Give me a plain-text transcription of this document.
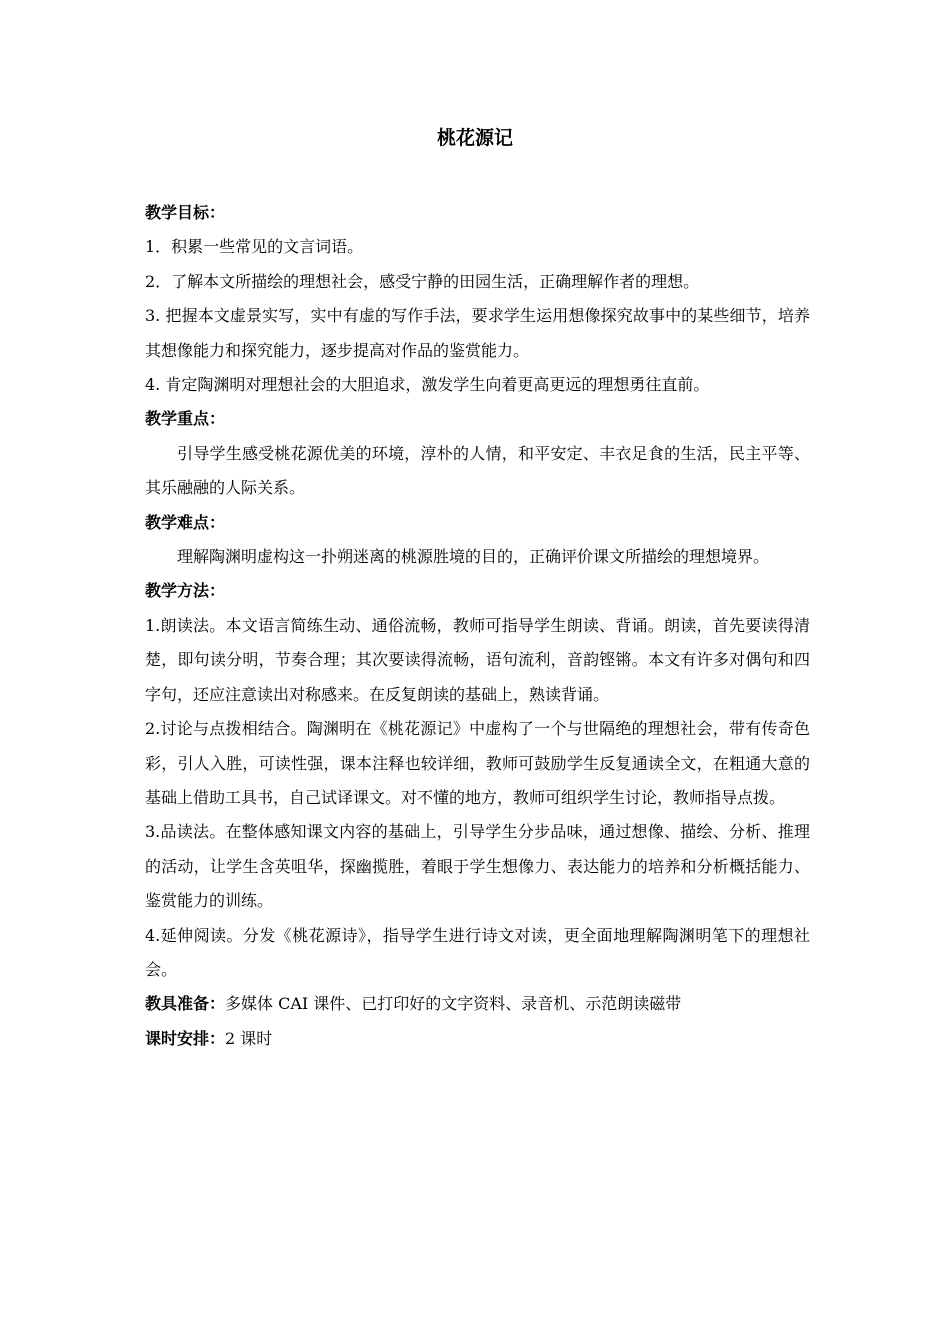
桃花源记

教学目标：

1．积累一些常见的文言词语。

2．了解本文所描绘的理想社会，感受宁静的田园生活，正确理解作者的理想。

3. 把握本文虚景实写，实中有虚的写作手法，要求学生运用想像探究故事中的某些细节，培养其想像能力和探究能力，逐步提高对作品的鉴赏能力。

4. 肯定陶渊明对理想社会的大胆追求，激发学生向着更高更远的理想勇往直前。

教学重点：

引导学生感受桃花源优美的环境，淳朴的人情，和平安定、丰衣足食的生活，民主平等、其乐融融的人际关系。

教学难点：

理解陶渊明虚构这一扑朔迷离的桃源胜境的目的，正确评价课文所描绘的理想境界。

教学方法：

1.朗读法。本文语言简练生动、通俗流畅，教师可指导学生朗读、背诵。朗读，首先要读得清楚，即句读分明，节奏合理；其次要读得流畅，语句流利，音韵铿锵。本文有许多对偶句和四字句，还应注意读出对称感来。在反复朗读的基础上，熟读背诵。

2.讨论与点拨相结合。陶渊明在《桃花源记》中虚构了一个与世隔绝的理想社会，带有传奇色彩，引人入胜，可读性强，课本注释也较详细，教师可鼓励学生反复通读全文，在粗通大意的基础上借助工具书，自己试译课文。对不懂的地方，教师可组织学生讨论，教师指导点拨。

3.品读法。在整体感知课文内容的基础上，引导学生分步品味，通过想像、描绘、分析、推理的活动，让学生含英咀华，探幽揽胜，着眼于学生想像力、表达能力的培养和分析概括能力、鉴赏能力的训练。

4.延伸阅读。分发《桃花源诗》，指导学生进行诗文对读，更全面地理解陶渊明笔下的理想社会。

教具准备：多媒体 CAI 课件、已打印好的文字资料、录音机、示范朗读磁带

课时安排：2 课时
